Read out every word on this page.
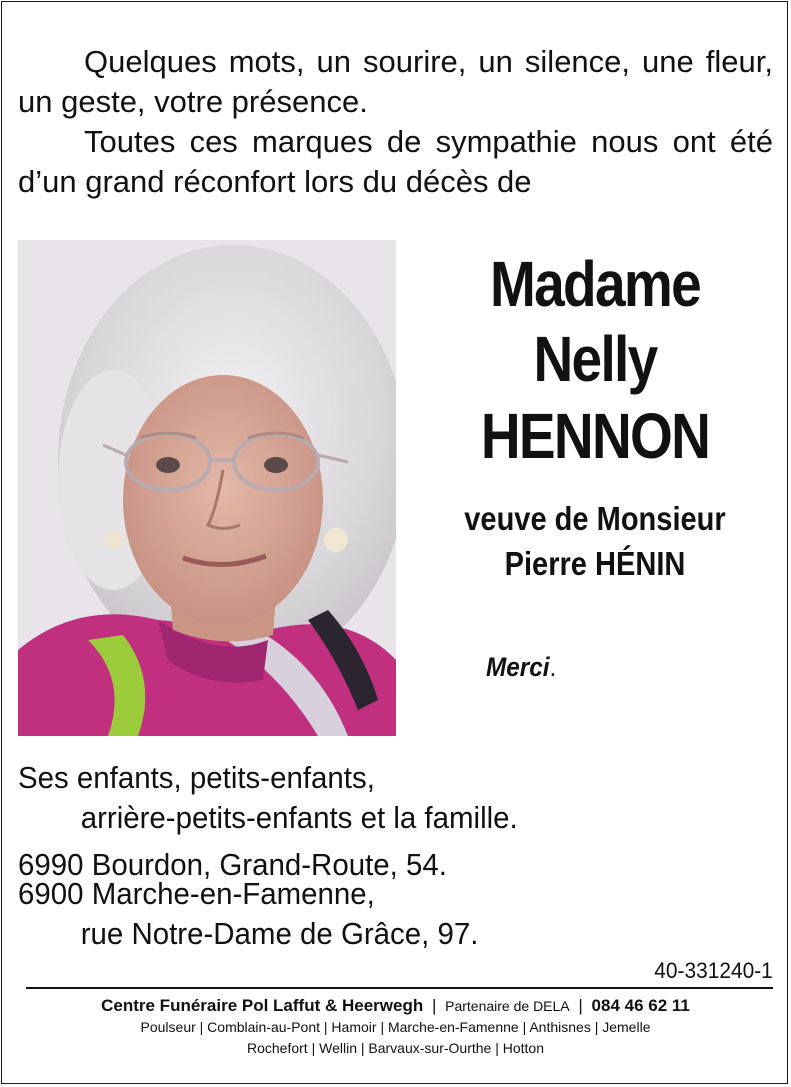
Quelques mots, un sourire, un silence, une fleur, un geste, votre présence.

Toutes ces marques de sympathie nous ont été d’un grand réconfort lors du décès de

Madame
Nelly
HENNON
veuve de Monsieur
Pierre HÉNIN
Merci.
Ses enfants, petits-enfants,
arrière-petits-enfants et la famille.
6990 Bourdon, Grand-Route, 54.
6900 Marche-en-Famenne,
rue Notre-Dame de Grâce, 97.
40-331240-1
Centre Funéraire Pol Laffut & Heerwegh | Partenaire de DELA | 084 46 62 11
Poulseur | Comblain-au-Pont | Hamoir | Marche-en-Famenne | Anthisnes | Jemelle
Rochefort | Wellin | Barvaux-sur-Ourthe | Hotton
